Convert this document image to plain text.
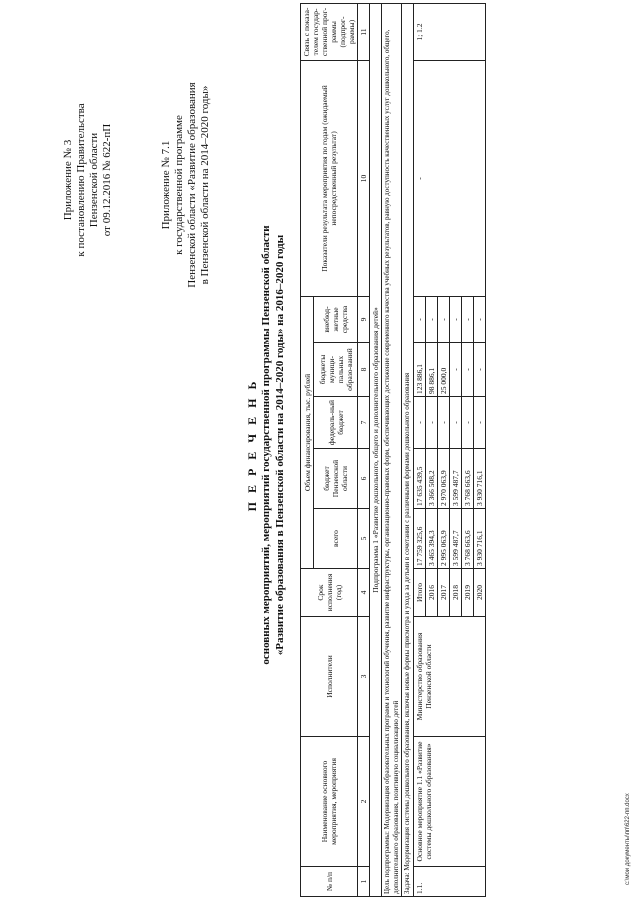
Приложение № 3 к постановлению Правительства Пензенской области от 09.12.2016 № 622-пП	Приложение № 7.1 к государственной программе Пензенской области «Развитие образования в Пензенской области на 2014–2020 годы»
П Е Р Е Ч Е Н Ь основных мероприятий, мероприятий государственной программы Пензенской области «Развитие образования в Пензенской области на 2014–2020 годы» на 2016–2020 годы
№ п/п	Наименование основного мероприятия, мероприятия	Исполнители	Срок исполнения (год)	Объем финансирования, тыс. рублей					Показатели результата мероприятия по годам (ожидаемый непосредственный результат)	Связь с показа-телем государ-ственной прог-раммы (подпрог-раммы)
				всего	бюджет Пензенской области	федераль-ный бюджет	бюджеты муници-пальных образо-ваний	внебюд-жетные средства		
1	2	3	4	5	6	7	8	9	10	11
Подпрограмма 1 «Развитие дошкольного, общего и дополнительного образования детей»										
Цель подпрограммы: Модернизация образовательных программ и технологий обучения, развитие инфраструктуры, организационно-правовых форм, обеспечивающих достижение современного качества учебных результатов, равную доступность качественных услуг дошкольного, общего, дополнительного образования, позитивную социализацию детей										
Задача: Модернизация системы дошкольного образования, включая новые формы присмотра и ухода за детьми в сочетании с различными формами дошкольного образования										
1.1.	Основное мероприятие 1.1 «Развитие системы дошкольного образования»	Министерство образования Пензенской области	Итого	17 759 325,6	17 635 439,5	-	123 886,1	-	-	1; 1.2
			2016	3 465 394,3	3 366 508,2	-	98 886,1	-		
			2017	2 995 063,9	2 970 063,9	-	25 000,0	-		
			2018	3 599 487,7	3 599 487,7	-	-	-		
			2019	3 768 663,6	3 768 663,6	-	-	-		
			2020	3 930 716,1	3 930 716,1	-	-	-		
c:\мои документы\пп\622-пп.docx
